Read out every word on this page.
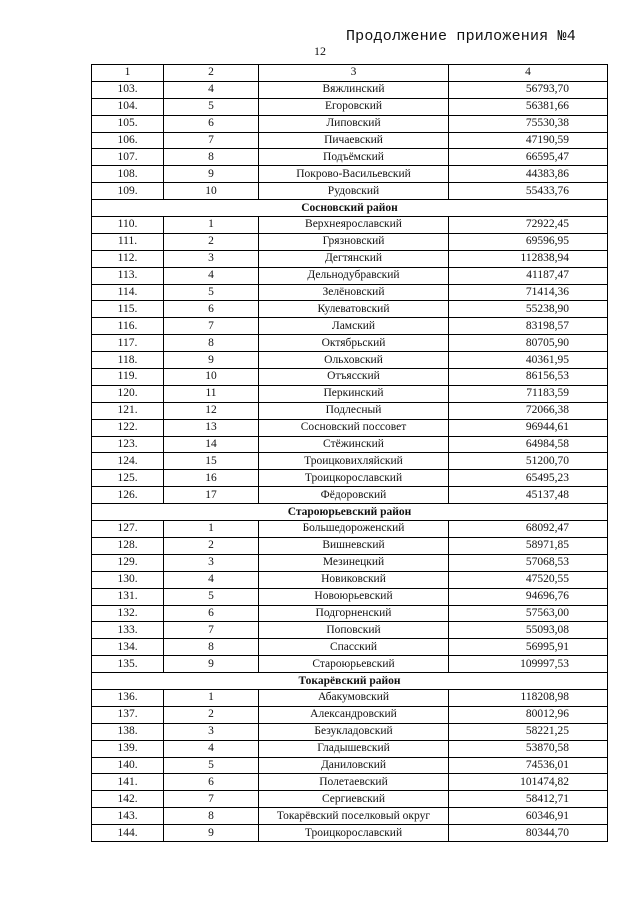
Продолжение приложения №4
12
1	2	3	4
103.	4	Вяжлинский	56793,70
104.	5	Егоровский	56381,66
105.	6	Липовский	75530,38
106.	7	Пичаевский	47190,59
107.	8	Подъёмский	66595,47
108.	9	Покрово-Васильевский	44383,86
109.	10	Рудовский	55433,76
Сосновский район			
110.	1	Верхнеярославский	72922,45
111.	2	Грязновский	69596,95
112.	3	Дегтянский	112838,94
113.	4	Дельнодубравский	41187,47
114.	5	Зелёновский	71414,36
115.	6	Кулеватовский	55238,90
116.	7	Ламский	83198,57
117.	8	Октябрьский	80705,90
118.	9	Ольховский	40361,95
119.	10	Отъясский	86156,53
120.	11	Перкинский	71183,59
121.	12	Подлесный	72066,38
122.	13	Сосновский поссовет	96944,61
123.	14	Стёжинский	64984,58
124.	15	Троицковихляйский	51200,70
125.	16	Троицкорославский	65495,23
126.	17	Фёдоровский	45137,48
Староюрьевский район			
127.	1	Большедороженский	68092,47
128.	2	Вишневский	58971,85
129.	3	Мезинецкий	57068,53
130.	4	Новиковский	47520,55
131.	5	Новоюрьевский	94696,76
132.	6	Подгорненский	57563,00
133.	7	Поповский	55093,08
134.	8	Спасский	56995,91
135.	9	Староюрьевский	109997,53
Токарёвский район			
136.	1	Абакумовский	118208,98
137.	2	Александровский	80012,96
138.	3	Безукладовский	58221,25
139.	4	Гладышевский	53870,58
140.	5	Даниловский	74536,01
141.	6	Полетаевский	101474,82
142.	7	Сергиевский	58412,71
143.	8	Токарёвский поселковый округ	60346,91
144.	9	Троицкорославский	80344,70
